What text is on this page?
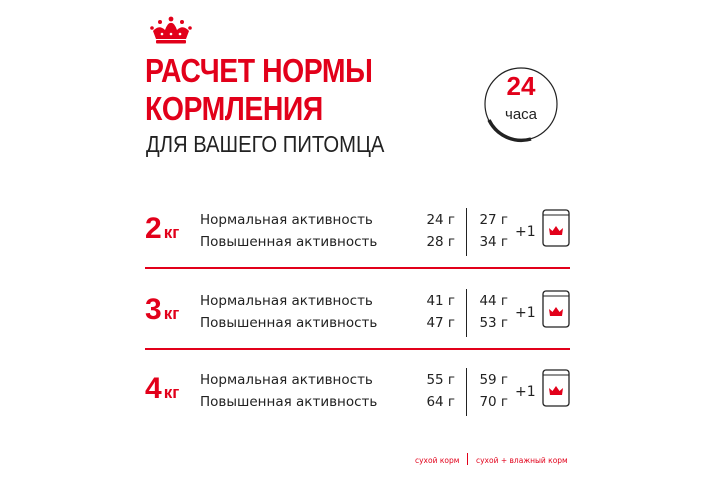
РАСЧЕТ НОРМЫ
КОРМЛЕНИЯ
ДЛЯ ВАШЕГО ПИТОМЦА
24
часа
2 кг
Нормальная активность
Повышенная активность
24 г
28 г
27 г
34 г
+1
3 кг
Нормальная активность
Повышенная активность
41 г
47 г
44 г
53 г
+1
4 кг
Нормальная активность
Повышенная активность
55 г
64 г
59 г
70 г
+1
сухой корм сухой + влажный корм
